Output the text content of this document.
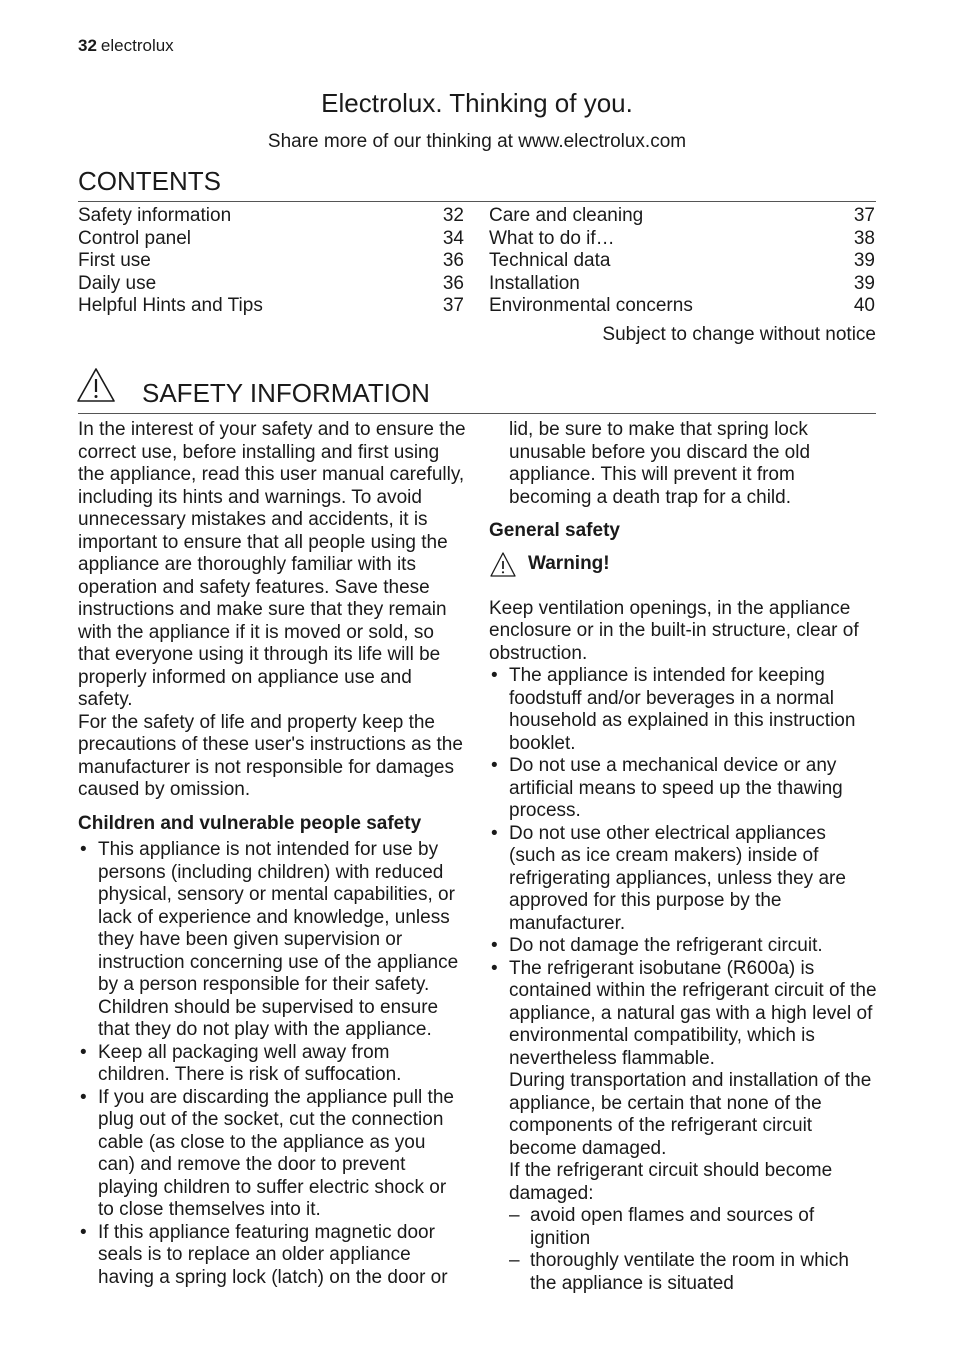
32 electrolux
Electrolux. Thinking of you.
Share more of our thinking at www.electrolux.com
CONTENTS
Safety information	32
Control panel	34
First use	36
Daily use	36
Helpful Hints and Tips	37
Care and cleaning	37
What to do if…	38
Technical data	39
Installation	39
Environmental concerns	40
Subject to change without notice
SAFETY INFORMATION

In the interest of your safety and to ensure the correct use, before installing and first using the appliance, read this user manual carefully, including its hints and warnings. To avoid unnecessary mistakes and accidents, it is important to ensure that all people using the appliance are thoroughly familiar with its operation and safety features. Save these instructions and make sure that they remain with the appliance if it is moved or sold, so that everyone using it through its life will be properly informed on appliance use and safety.

For the safety of life and property keep the precautions of these user's instructions as the manufacturer is not responsible for damages caused by omission.

Children and vulnerable people safety

• This appliance is not intended for use by persons (including children) with reduced physical, sensory or mental capabilities, or lack of experience and knowledge, unless they have been given supervision or instruction concerning use of the appliance by a person responsible for their safety.
Children should be supervised to ensure that they do not play with the appliance.
• Keep all packaging well away from children. There is risk of suffocation.
• If you are discarding the appliance pull the plug out of the socket, cut the connection cable (as close to the appliance as you can) and remove the door to prevent playing children to suffer electric shock or to close themselves into it.
• If this appliance featuring magnetic door seals is to replace an older appliance having a spring lock (latch) on the door or

lid, be sure to make that spring lock unusable before you discard the old appliance. This will prevent it from becoming a death trap for a child.

General safety

Warning!

Keep ventilation openings, in the appliance enclosure or in the built-in structure, clear of obstruction.

• The appliance is intended for keeping foodstuff and/or beverages in a normal household as explained in this instruction booklet.
• Do not use a mechanical device or any artificial means to speed up the thawing process.
• Do not use other electrical appliances (such as ice cream makers) inside of refrigerating appliances, unless they are approved for this purpose by the manufacturer.
• Do not damage the refrigerant circuit.
• The refrigerant isobutane (R600a) is contained within the refrigerant circuit of the appliance, a natural gas with a high level of environmental compatibility, which is nevertheless flammable.
During transportation and installation of the appliance, be certain that none of the components of the refrigerant circuit become damaged.
If the refrigerant circuit should become damaged:
– avoid open flames and sources of ignition
– thoroughly ventilate the room in which the appliance is situated
